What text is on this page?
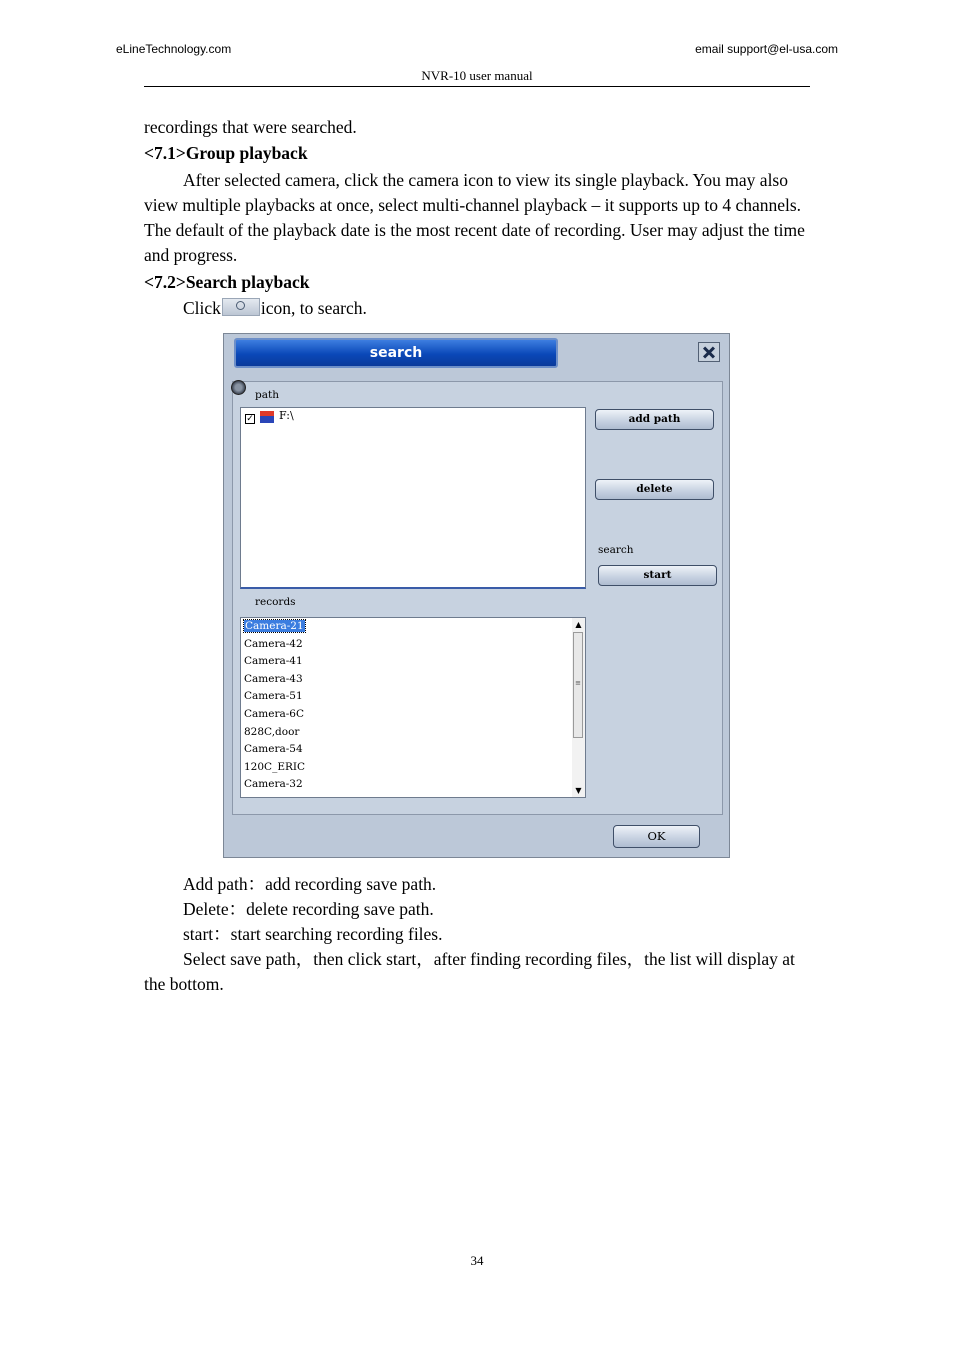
eLineTechnology.com	email support@el-usa.com
NVR-10 user manual
recordings that were searched.
<7.1>Group playback
After selected camera, click the camera icon to view its single playback. You may also view multiple playbacks at once, select multi-channel playback – it supports up to 4 channels. The default of the playback date is the most recent date of recording. User may adjust the time and progress.
<7.2>Search playback
Click icon, to search.
search
path
✓ F:\	add path
delete
search
start
records
Camera-21
Camera-42
Camera-41
Camera-43
Camera-51
Camera-6C
828C,door
Camera-54
120C_ERIC
Camera-32
▲
≡
▼
OK
Add path：add recording save path.
Delete：delete recording save path.
start：start searching recording files.
Select save path，then click start，after finding recording files，the list will display at the bottom.
34
